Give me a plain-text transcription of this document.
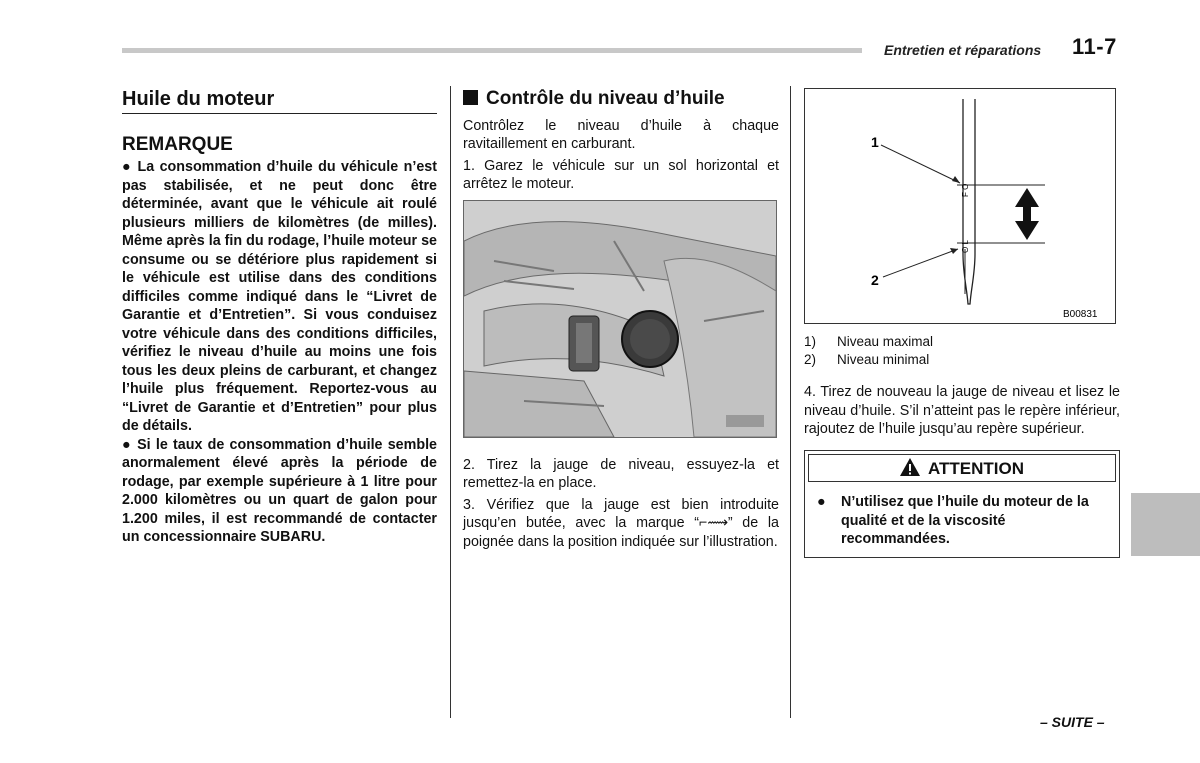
Entretien et réparations 11-7
Huile du moteur
REMARQUE

● La consommation d’huile du véhicule n’est pas stabilisée, et ne peut donc être déterminée, avant que le véhicule ait roulé plusieurs milliers de kilomètres (de milles). Même après la fin du rodage, l’huile moteur se consume ou se détériore plus rapidement si le véhicule est utilise dans des conditions difficiles comme indiqué dans le “Livret de Garantie et d’Entretien”. Si vous conduisez votre véhicule dans des conditions difficiles, vérifiez le niveau d’huile au moins une fois tous les deux pleins de carburant, et changez l’huile plus fréquement. Reportez-vous au “Livret de Garantie et d’Entretien” pour plus de détails.

● Si le taux de consommation d’huile semble anormalement élevé après la période de rodage, par exemple supérieure à 1 litre pour 2.000 kilomètres ou un quart de galon pour 1.200 miles, il est recommandé de contacter un concessionnaire SUBARU.

Contrôle du niveau d’huile

Contrôlez le niveau d’huile à chaque ravitaillement en carburant.

1. Garez le véhicule sur un sol horizontal et arrêtez le moteur.

2. Tirez la jauge de niveau, essuyez-la et remettez-la en place.

3. Vérifiez que la jauge est bien introduite jusqu’en butée, avec la marque “⌐⟿” de la poignée dans la position indiquée sur l’illustration.

F O
O L
1
2
B00831
1) Niveau maximal
2) Niveau minimal

4. Tirez de nouveau la jauge de niveau et lisez le niveau d’huile. S’il n’atteint pas le repère inférieur, rajoutez de l’huile jusqu’au repère supérieur.

ATTENTION
●	N’utilisez que l’huile du moteur de la qualité et de la viscosité recommandées.
– SUITE –
